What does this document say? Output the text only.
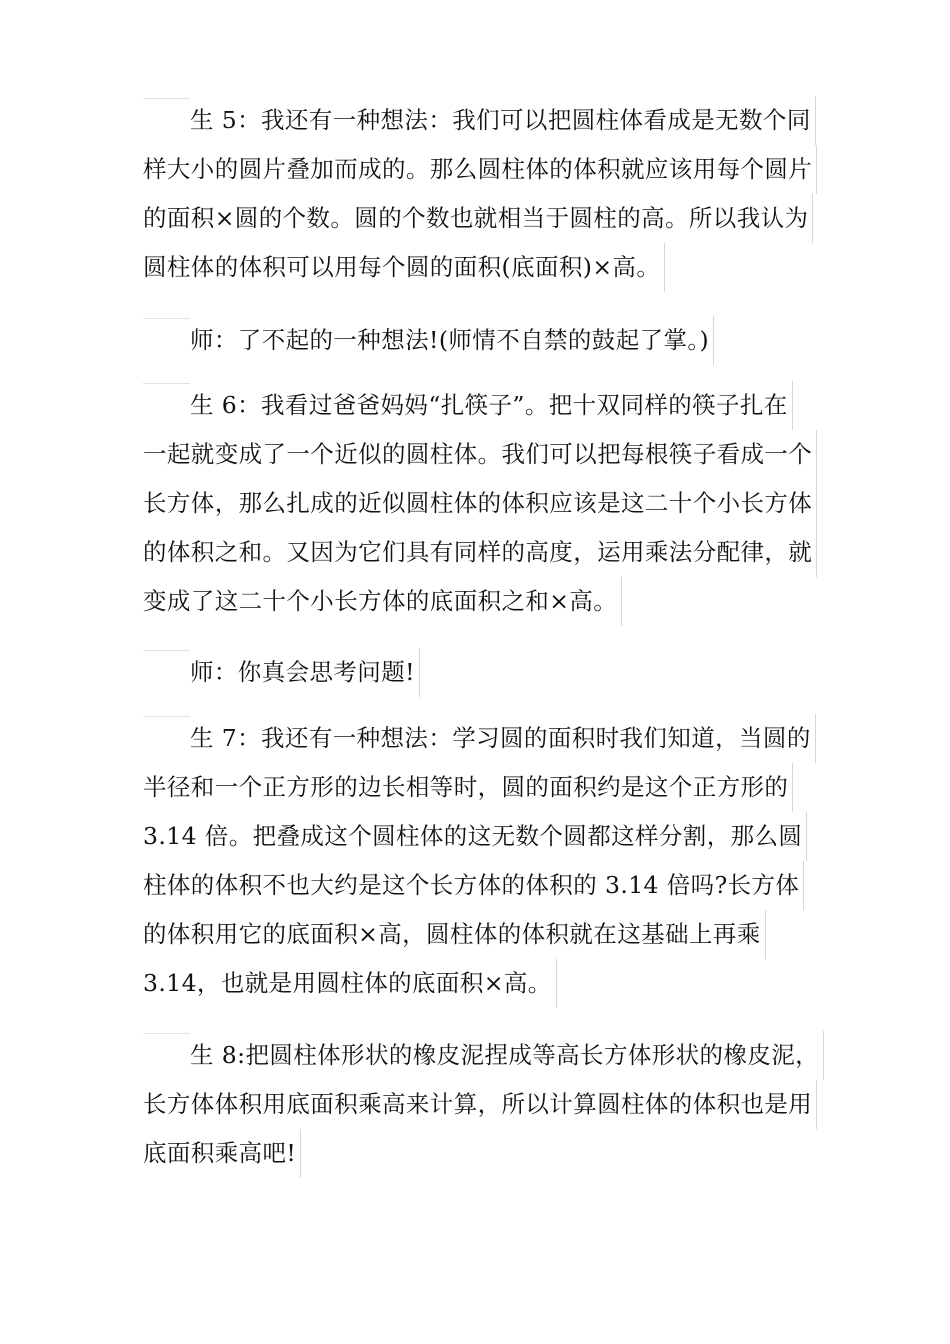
生 5：我还有一种想法：我们可以把圆柱体看成是无数个同
样大小的圆片叠加而成的。那么圆柱体的体积就应该用每个圆片
的面积×圆的个数。圆的个数也就相当于圆柱的高。所以我认为
圆柱体的体积可以用每个圆的面积(底面积)×高。
师：了不起的一种想法!(师情不自禁的鼓起了掌。)
生 6：我看过爸爸妈妈“扎筷子”。把十双同样的筷子扎在
一起就变成了一个近似的圆柱体。我们可以把每根筷子看成一个
长方体，那么扎成的近似圆柱体的体积应该是这二十个小长方体
的体积之和。又因为它们具有同样的高度，运用乘法分配律，就
变成了这二十个小长方体的底面积之和×高。
师：你真会思考问题!
生 7：我还有一种想法：学习圆的面积时我们知道，当圆的
半径和一个正方形的边长相等时，圆的面积约是这个正方形的
3.14 倍。把叠成这个圆柱体的这无数个圆都这样分割，那么圆
柱体的体积不也大约是这个长方体的体积的 3.14 倍吗?长方体
的体积用它的底面积×高，圆柱体的体积就在这基础上再乘
3.14，也就是用圆柱体的底面积×高。
生 8:把圆柱体形状的橡皮泥捏成等高长方体形状的橡皮泥，
长方体体积用底面积乘高来计算，所以计算圆柱体的体积也是用
底面积乘高吧!
